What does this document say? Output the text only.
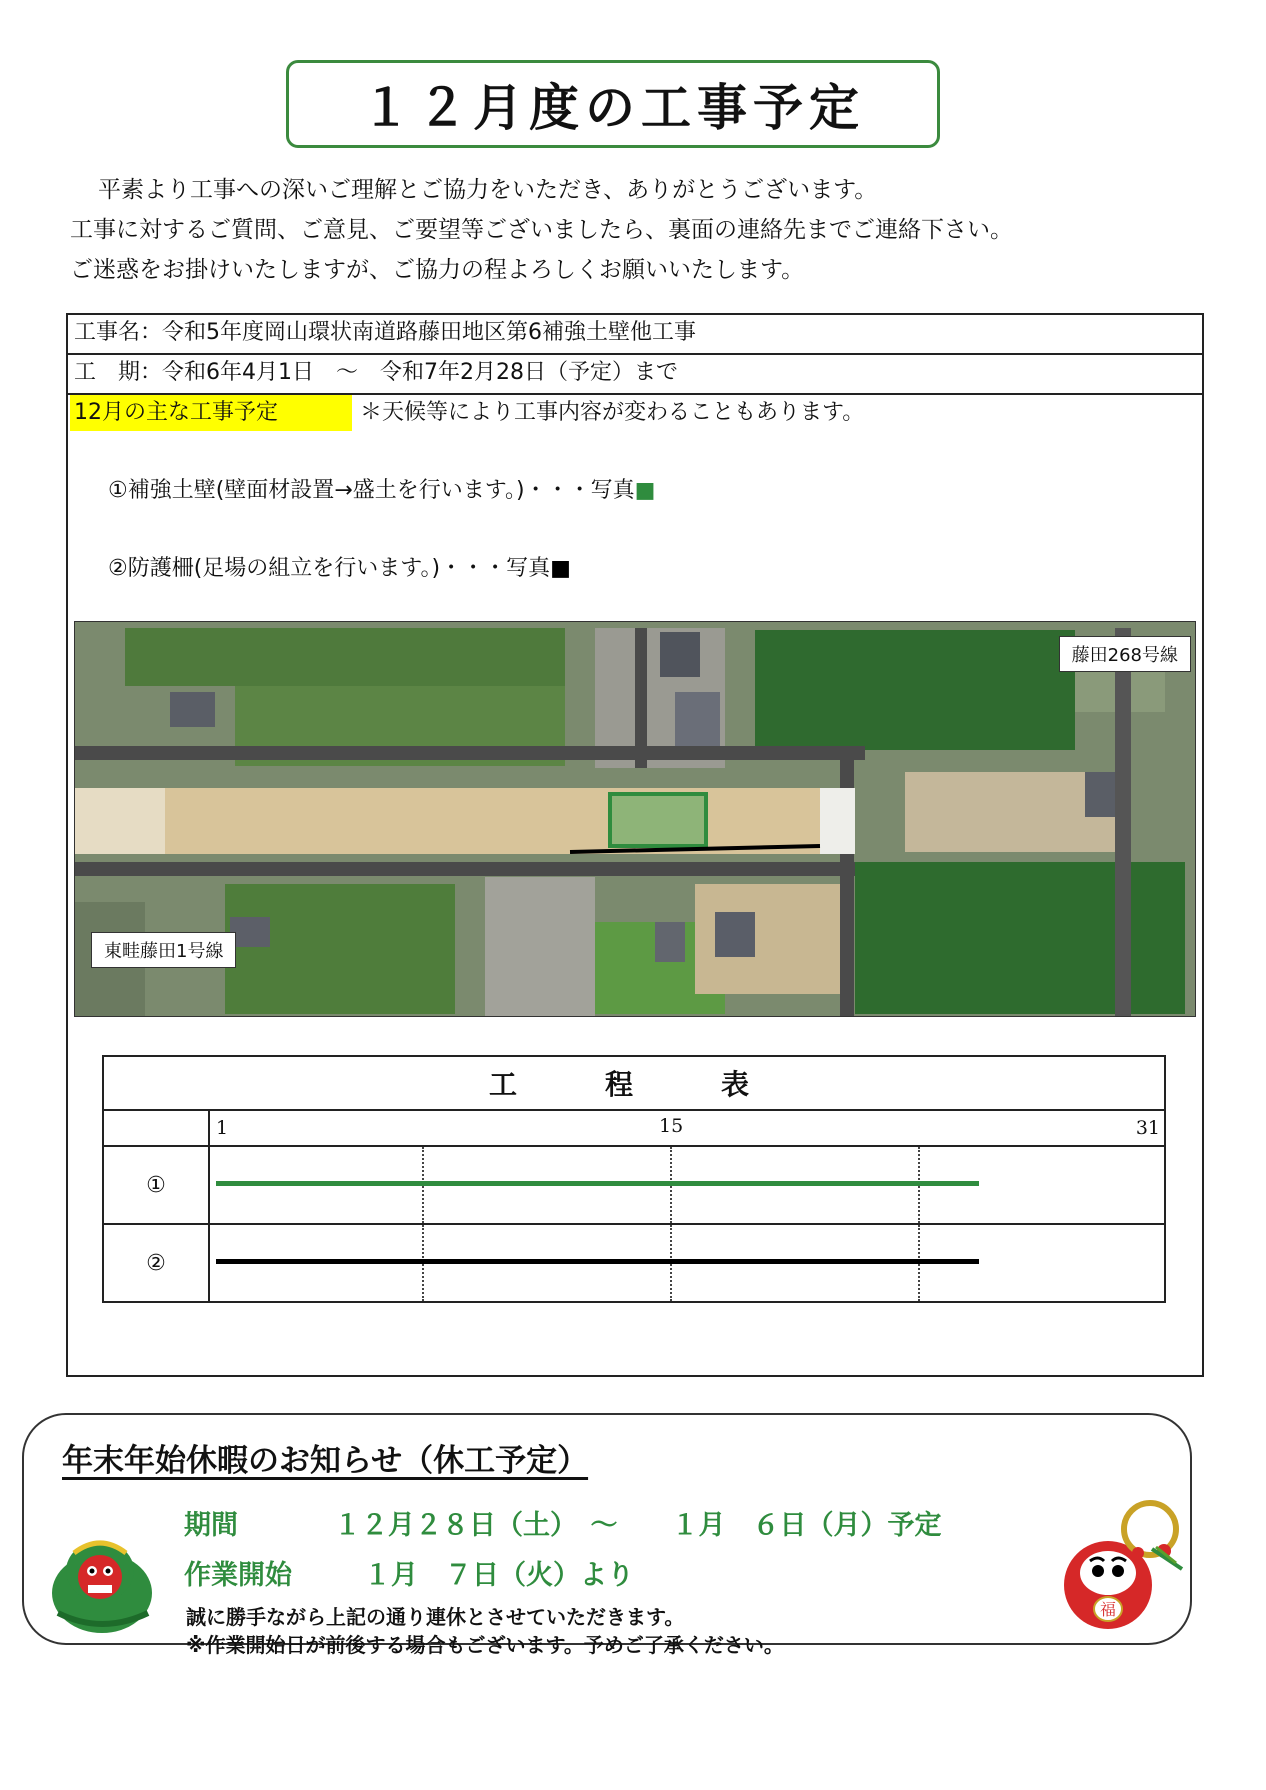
１２月度の工事予定

平素より工事への深いご理解とご協力をいただき、ありがとうございます。

工事に対するご質問、ご意見、ご要望等ございましたら、裏面の連絡先までご連絡下さい。

ご迷惑をお掛けいたしますが、ご協力の程よろしくお願いいたします。

工事名：令和5年度岡山環状南道路藤田地区第6補強土壁他工事
工　期：令和6年4月1日　～　令和7年2月28日（予定）まで
12月の主な工事予定	＊天候等により工事内容が変わることもあります。
①補強土壁(壁面材設置→盛土を行います。)・・・写真■
②防護柵(足場の組立を行います。)・・・写真■
藤田268号線
東畦藤田1号線
工　程　表	

	1 15 31

①	

②	
年末年始休暇のお知らせ（休工予定）
期間	１２月２８日（土）　～　　１月　６日（月）予定
作業開始	１月　７日（火）より
誠に勝手ながら上記の通り連休とさせていただきます。
※作業開始日が前後する場合もございます。予めご了承ください。
福
